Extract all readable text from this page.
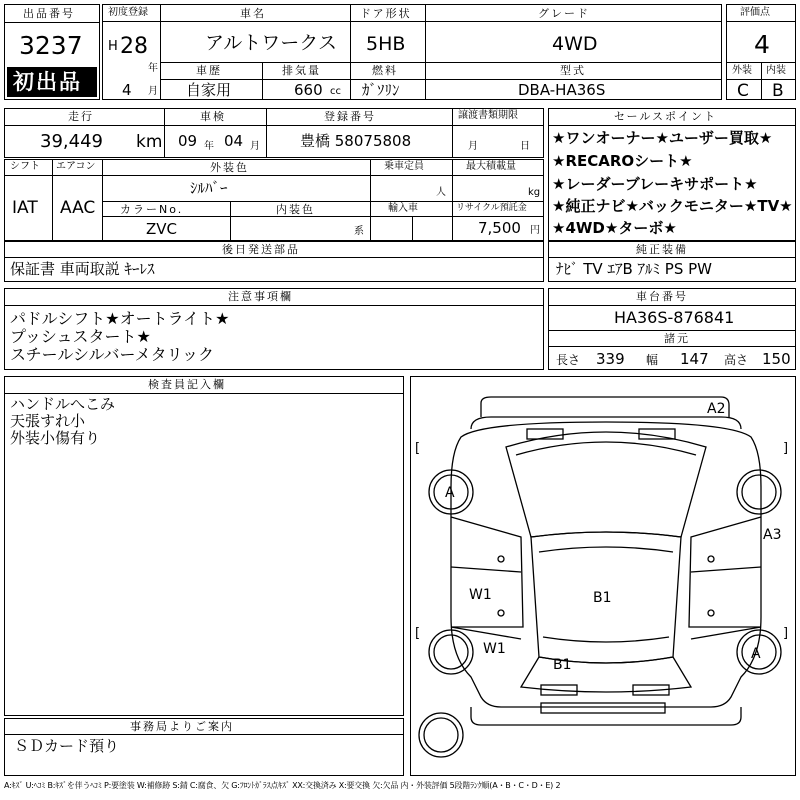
出品番号
3237
初出品
初度登録
H 28
年
4 月
車名
アルトワークス
ドア形状
5HB
グレード
4WD
車歴
自家用
排気量
660 cc
燃料
ｶﾞｿﾘﾝ
型式
DBA-HA36S
評価点
4
外装 内装
C B
走行
39,449 km
車検
09 年 04 月
登録番号
豊橋 58075808
譲渡書類期限
月	日
シフト
IAT
エアコン
AAC
外装色
ｼﾙﾊﾞｰ
乗車定員
人
最大積載量
kg
カラーNo.
ZVC
内装色
系
輸入車	リサイクル預託金
7,500 円
後日発送部品
保証書 車両取説 ｷｰﾚｽ
セールスポイント
★ワンオーナー★ユーザー買取★
★RECAROシート★
★レーダーブレーキサポート★
★純正ナビ★バックモニター★TV★
★4WD★ターボ★
純正装備
ﾅﾋﾞ TV ｴｱB ｱﾙﾐ PS PW
注意事項欄
パドルシフト★オートライト★
プッシュスタート★
スチールシルバーメタリック
車台番号
HA36S-876841
諸元
長さ 339 幅 147 高さ 150
検査員記入欄
ハンドルへこみ
天張すれ小
外装小傷有り
事務局よりご案内
ＳＤカード預り
[
[
]
]
A2
A
A
A3
W1
W1
B1
B1
A:ｷｽﾞ U:ﾍｺﾐ B:ｷｽﾞを伴うﾍｺﾐ P:要塗装 W:補修跡 S:錆 C:腐食、欠 G:ﾌﾛﾝﾄｶﾞﾗｽ点ｷｽﾞ XX:交換済み X:要交換 欠:欠品 内・外装評価 5段階ﾗﾝｸ順(A・B・C・D・E) 2
